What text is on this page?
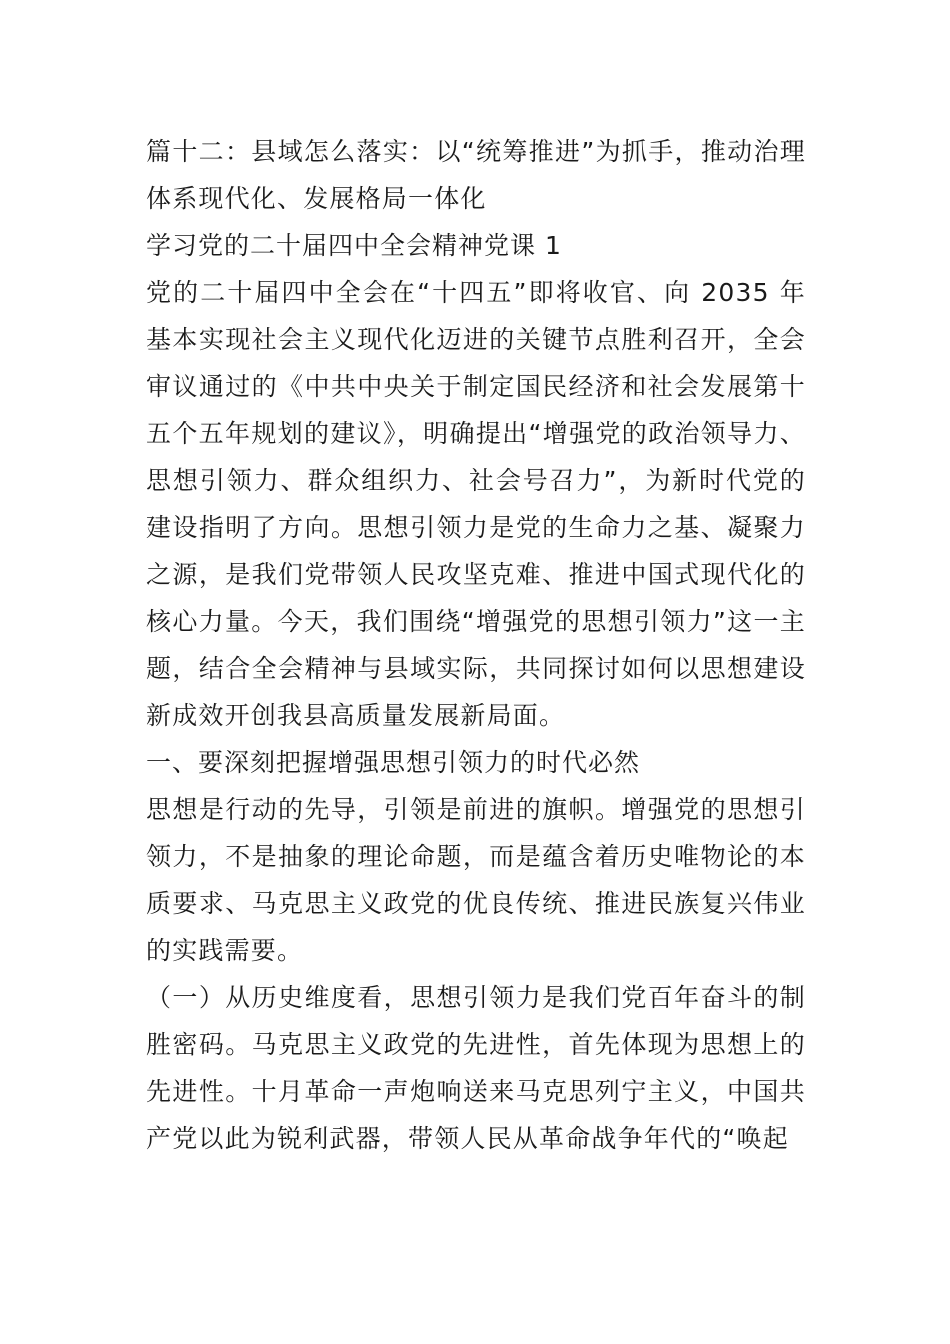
篇十二：县域怎么落实：以“统筹推进”为抓手，推动治理体系现代化、发展格局一体化

学习党的二十届四中全会精神党课 1

党的二十届四中全会在“十四五”即将收官、向 2035 年基本实现社会主义现代化迈进的关键节点胜利召开，全会审议通过的《中共中央关于制定国民经济和社会发展第十五个五年规划的建议》，明确提出“增强党的政治领导力、思想引领力、群众组织力、社会号召力”，为新时代党的建设指明了方向。思想引领力是党的生命力之基、凝聚力之源，是我们党带领人民攻坚克难、推进中国式现代化的核心力量。今天，我们围绕“增强党的思想引领力”这一主题，结合全会精神与县域实际，共同探讨如何以思想建设新成效开创我县高质量发展新局面。

一、要深刻把握增强思想引领力的时代必然

思想是行动的先导，引领是前进的旗帜。增强党的思想引领力，不是抽象的理论命题，而是蕴含着历史唯物论的本质要求、马克思主义政党的优良传统、推进民族复兴伟业的实践需要。

（一）从历史维度看，思想引领力是我们党百年奋斗的制胜密码。马克思主义政党的先进性，首先体现为思想上的先进性。十月革命一声炮响送来马克思列宁主义，中国共产党以此为锐利武器，带领人民从革命战争年代的“唤起
